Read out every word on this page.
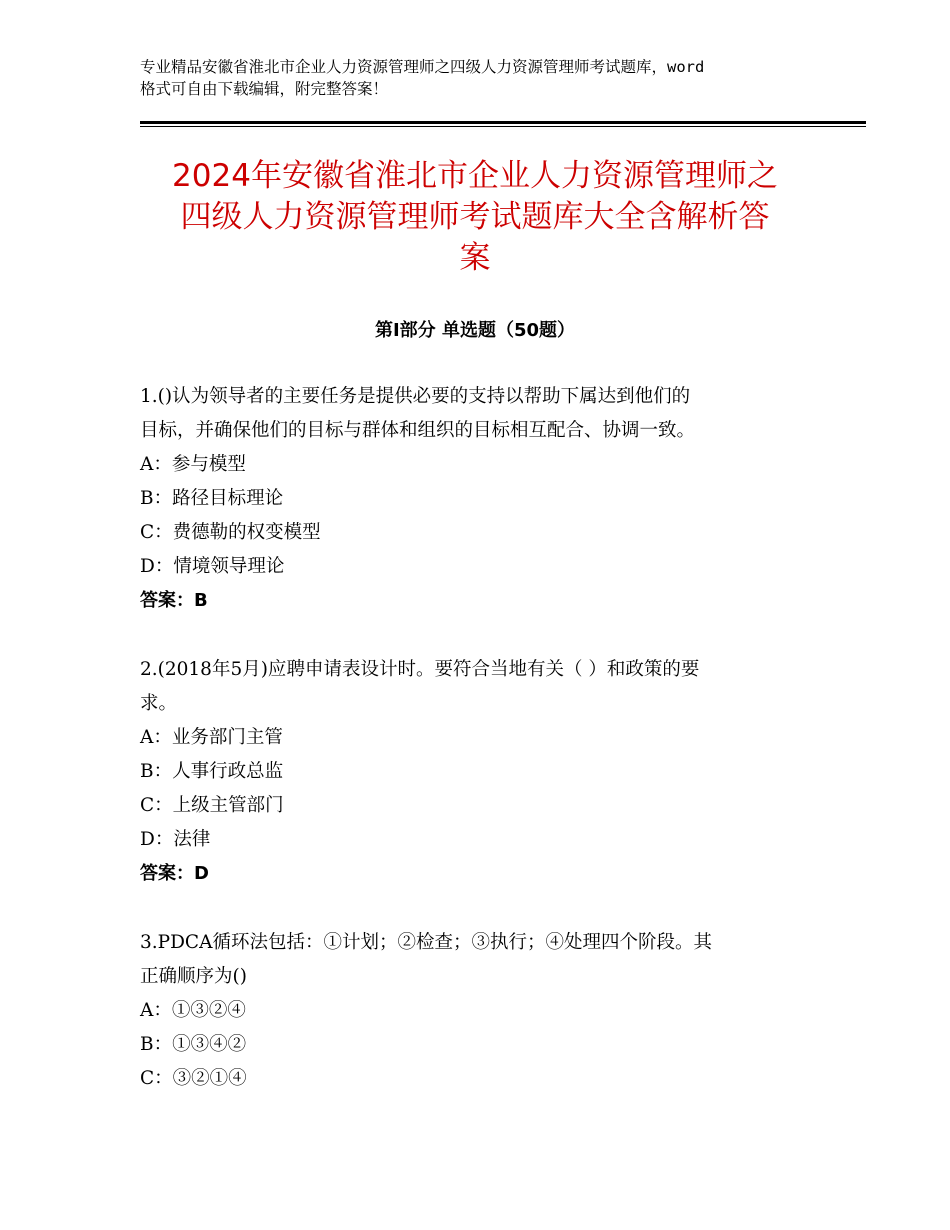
专业精品安徽省淮北市企业人力资源管理师之四级人力资源管理师考试题库，word
格式可自由下载编辑，附完整答案！
2024年安徽省淮北市企业人力资源管理师之
四级人力资源管理师考试题库大全含解析答
案
第Ⅰ部分 单选题（50题）
1.()认为领导者的主要任务是提供必要的支持以帮助下属达到他们的
目标，并确保他们的目标与群体和组织的目标相互配合、协调一致。
A：参与模型
B：路径目标理论
C：费德勒的权变模型
D：情境领导理论
答案：B
2.(2018年5月)应聘申请表设计时。要符合当地有关（ ）和政策的要
求。
A：业务部门主管
B：人事行政总监
C：上级主管部门
D：法律
答案：D
3.PDCA循环法包括：①计划；②检查；③执行；④处理四个阶段。其
正确顺序为()
A：①③②④
B：①③④②
C：③②①④
